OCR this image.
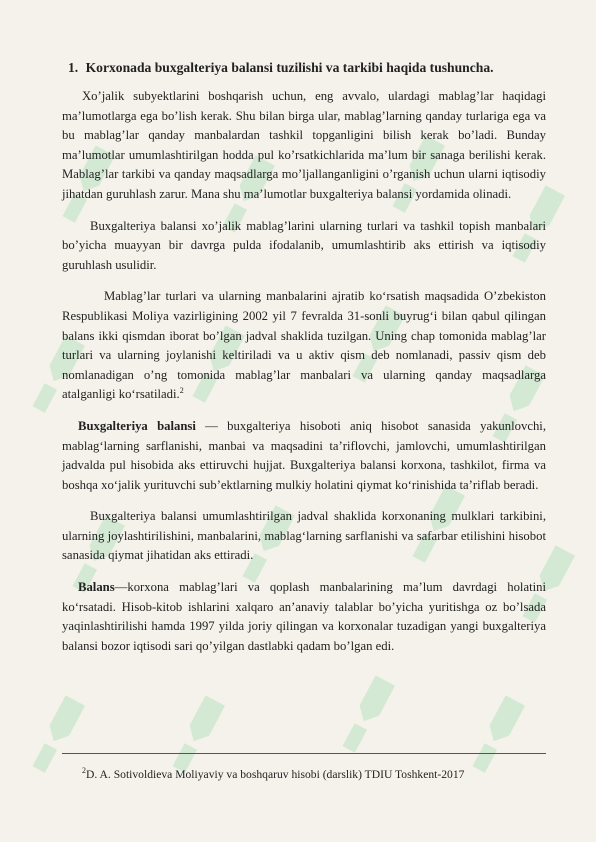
1. Korxonada buxgalteriya balansi tuzilishi va tarkibi haqida tushuncha.

Xo’jalik subyektlarini boshqarish uchun, eng avvalo, ulardagi mablag’lar haqidagi ma’lumotlarga ega bo’lish kerak. Shu bilan birga ular, mablag’larning qanday turlariga ega va bu mablag’lar qanday manbalardan tashkil topganligini bilish kerak bo’ladi. Bunday ma’lumotlar umumlashtirilgan hodda pul ko’rsatkichlarida ma’lum bir sanaga berilishi kerak. Mablag’lar tarkibi va qanday maqsadlarga mo’ljallanganligini o’rganish uchun ularni iqtisodiy jihatdan guruhlash zarur. Mana shu ma’lumotlar buxgalteriya balansi yordamida olinadi.

Buxgalteriya balansi xo’jalik mablag’larini ularning turlari va tashkil topish manbalari bo’yicha muayyan bir davrga pulda ifodalanib, umumlashtirib aks ettirish va iqtisodiy guruhlash usulidir.

Mablag’lar turlari va ularning manbalarini ajratib ko‘rsatish maqsadida O’zbekiston Respublikasi Moliya vazirligining 2002 yil 7 fevralda 31-sonli buyrug‘i bilan qabul qilingan balans ikki qismdan iborat bo’lgan jadval shaklida tuzilgan. Uning chap tomonida mablag’lar turlari va ularning joylanishi keltiriladi va u aktiv qism deb nomlanadi, passiv qism deb nomlanadigan o’ng tomonida mablag’lar manbalari va ularning qanday maqsadlarga atalganligi ko‘rsatiladi.$^2$

Buxgalteriya balansi — buxgalteriya hisoboti aniq hisobot sanasida yakunlovchi, mablag‘larning sarflanishi, manbai va maqsadini ta’riflovchi, jamlovchi, umumlashtirilgan jadvalda pul hisobida aks ettiruvchi hujjat. Buxgalteriya balansi korxona, tashkilot, firma va boshqa xo‘jalik yurituvchi sub’ektlarning mulkiy holatini qiymat ko‘rinishida ta’riflab beradi.

Buxgalteriya balansi umumlashtirilgan jadval shaklida korxonaning mulklari tarkibini, ularning joylashtirilishini, manbalarini, mablag‘larning sarflanishi va safarbar etilishini hisobot sanasida qiymat jihatidan aks ettiradi.

Balans—korxona mablag’lari va qoplash manbalarining ma’lum davrdagi holatini ko‘rsatadi. Hisob-kitob ishlarini xalqaro an’anaviy talablar bo’yicha yuritishga oz bo’lsada yaqinlashtirilishi hamda 1997 yilda joriy qilingan va korxonalar tuzadigan yangi buxgalteriya balansi bozor iqtisodi sari qo’yilgan dastlabki qadam bo’lgan edi.

$^2$D. A. Sotivoldieva Moliyaviy va boshqaruv hisobi (darslik) TDIU Toshkent-2017
